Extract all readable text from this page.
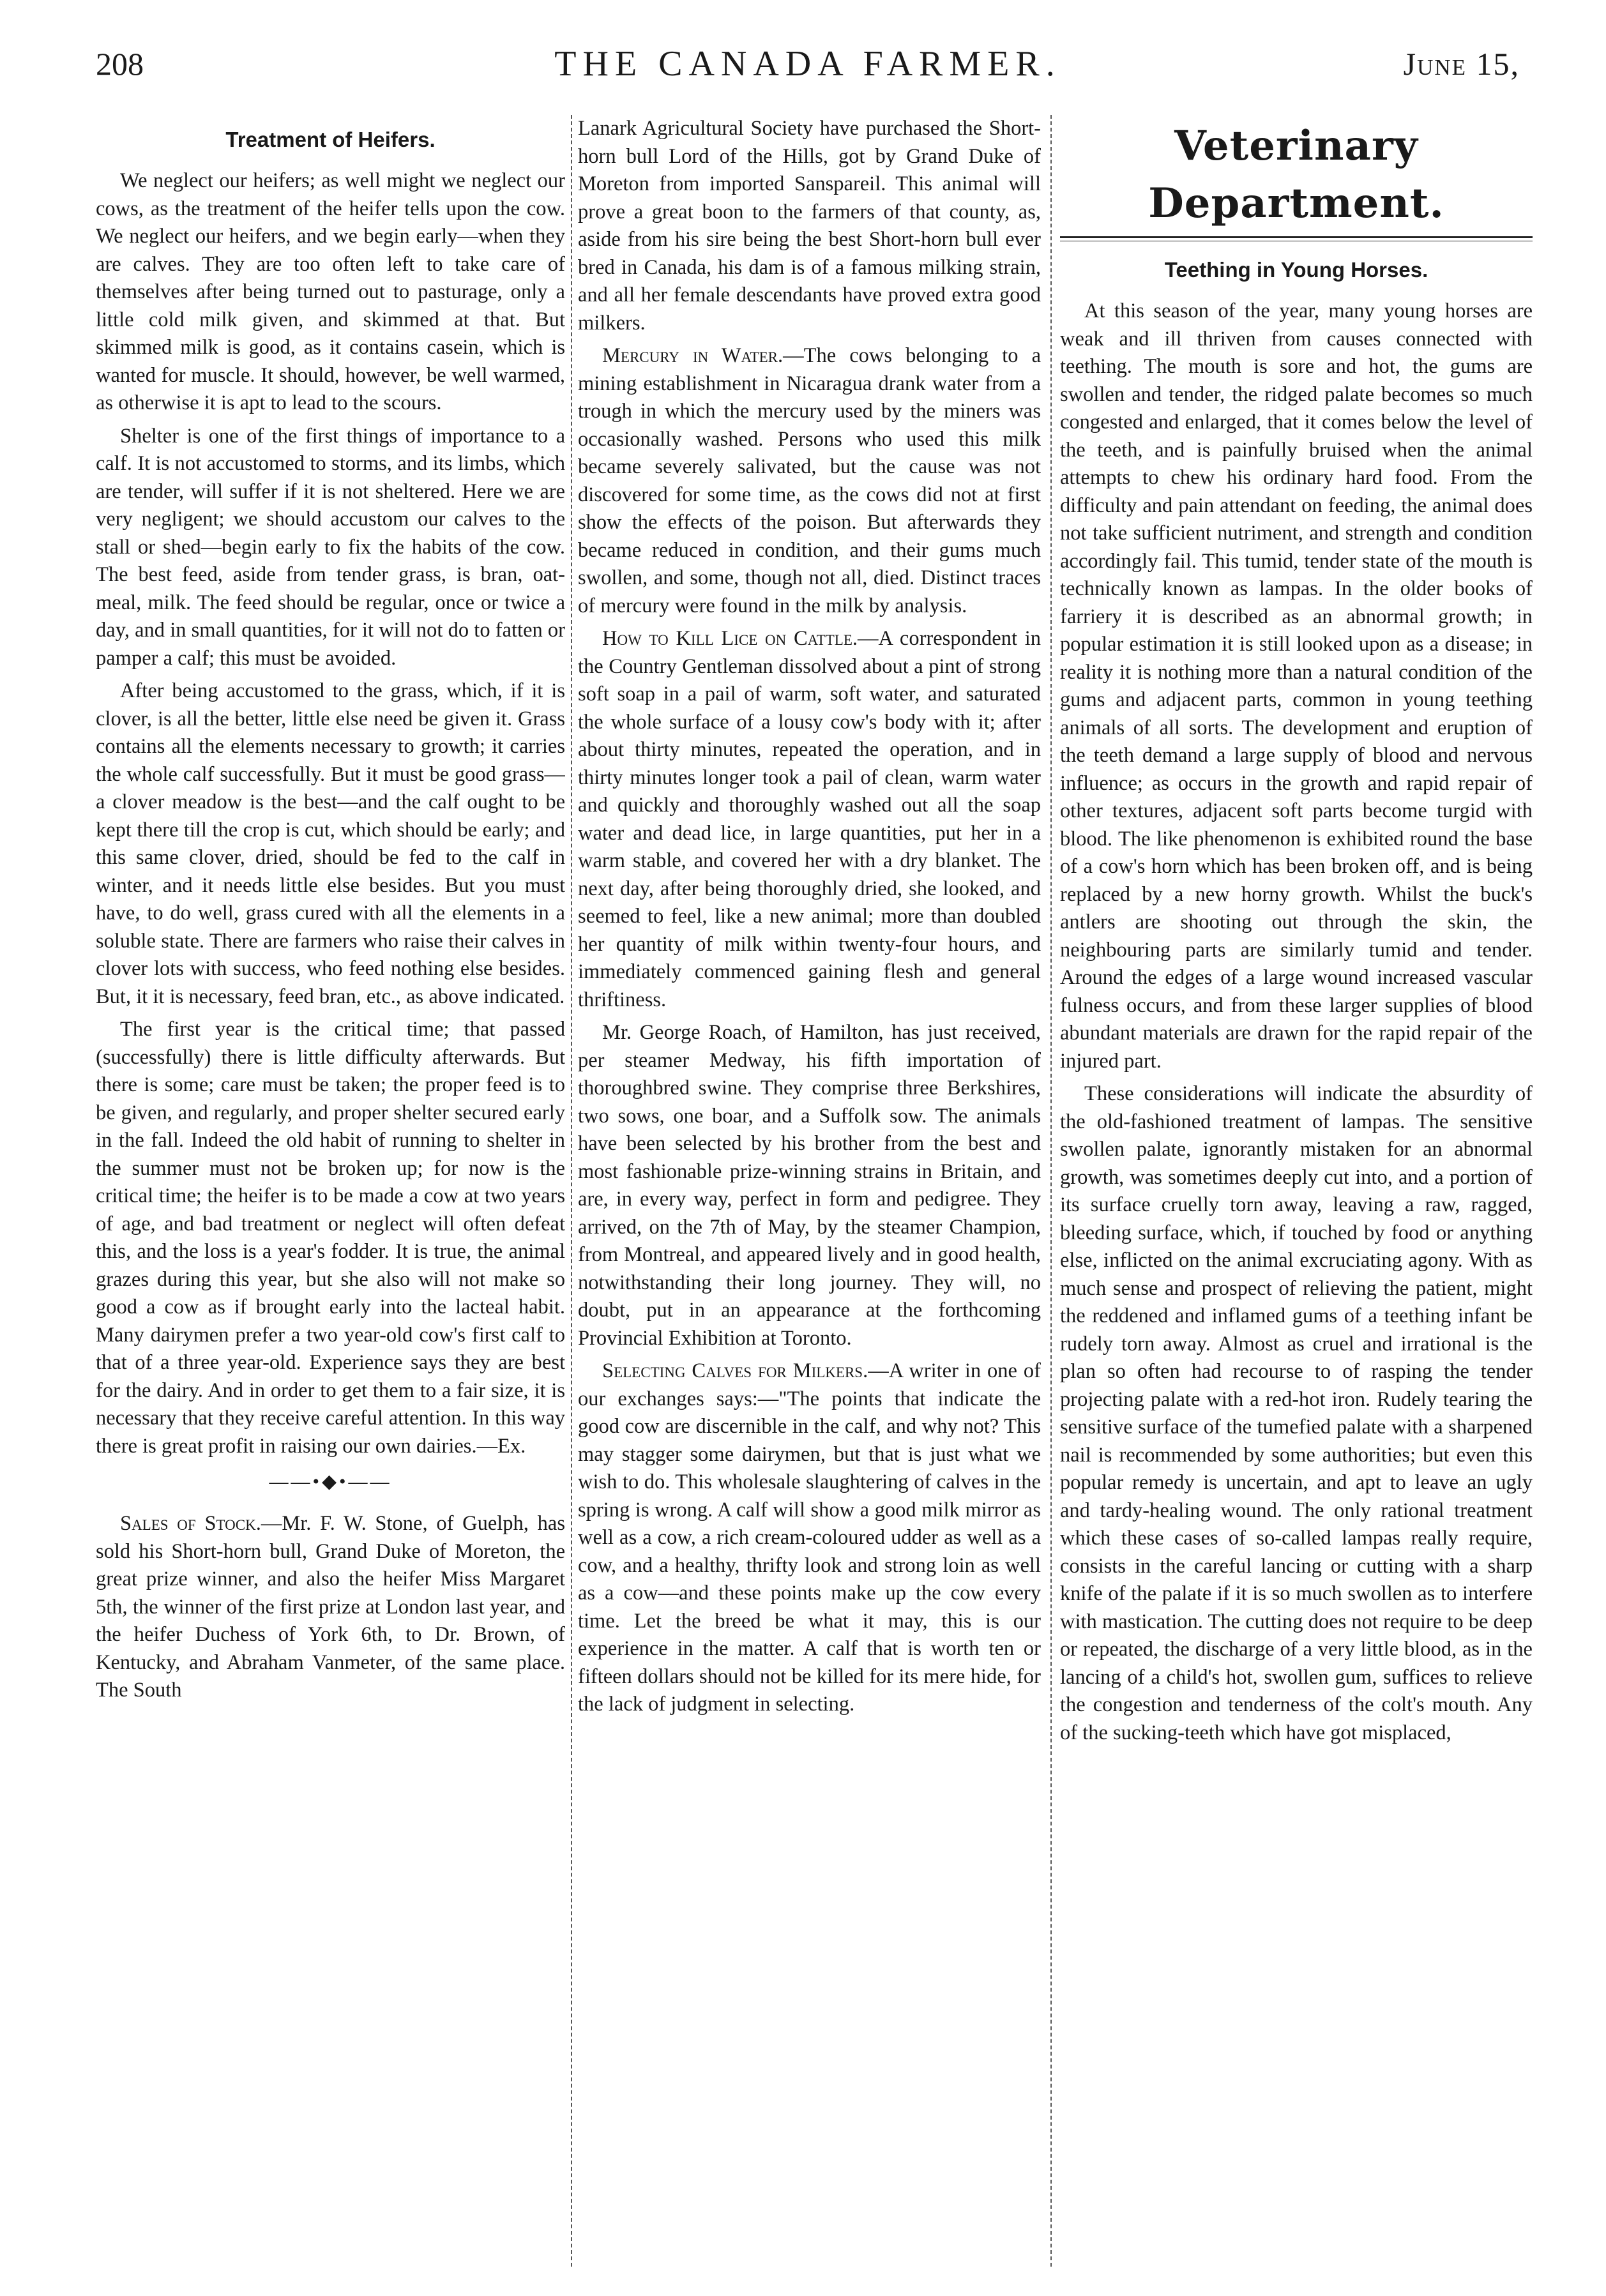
208	THE CANADA FARMER.	June 15,
Treatment of Heifers.

We neglect our heifers; as well might we neglect our cows, as the treatment of the heifer tells upon the cow. We neglect our heifers, and we begin early—when they are calves. They are too often left to take care of themselves after being turned out to pasturage, only a little cold milk given, and skimmed at that. But skimmed milk is good, as it contains casein, which is wanted for muscle. It should, however, be well warmed, as otherwise it is apt to lead to the scours.

Shelter is one of the first things of importance to a calf. It is not accustomed to storms, and its limbs, which are tender, will suffer if it is not sheltered. Here we are very negligent; we should accustom our calves to the stall or shed—begin early to fix the habits of the cow. The best feed, aside from tender grass, is bran, oat-meal, milk. The feed should be regular, once or twice a day, and in small quantities, for it will not do to fatten or pamper a calf; this must be avoided.

After being accustomed to the grass, which, if it is clover, is all the better, little else need be given it. Grass contains all the elements necessary to growth; it carries the whole calf successfully. But it must be good grass—a clover meadow is the best—and the calf ought to be kept there till the crop is cut, which should be early; and this same clover, dried, should be fed to the calf in winter, and it needs little else besides. But you must have, to do well, grass cured with all the elements in a soluble state. There are farmers who raise their calves in clover lots with success, who feed nothing else besides. But, it it is necessary, feed bran, etc., as above indicated.

The first year is the critical time; that passed (successfully) there is little difficulty afterwards. But there is some; care must be taken; the proper feed is to be given, and regularly, and proper shelter secured early in the fall. Indeed the old habit of running to shelter in the summer must not be broken up; for now is the critical time; the heifer is to be made a cow at two years of age, and bad treatment or neglect will often defeat this, and the loss is a year's fodder. It is true, the animal grazes during this year, but she also will not make so good a cow as if brought early into the lacteal habit. Many dairymen prefer a two year-old cow's first calf to that of a three year-old. Experience says they are best for the dairy. And in order to get them to a fair size, it is necessary that they receive careful attention. In this way there is great profit in raising our own dairies.—Ex.

——•◆•——

Sales of Stock.—Mr. F. W. Stone, of Guelph, has sold his Short-horn bull, Grand Duke of Moreton, the great prize winner, and also the heifer Miss Margaret 5th, the winner of the first prize at London last year, and the heifer Duchess of York 6th, to Dr. Brown, of Kentucky, and Abraham Vanmeter, of the same place. The South

Lanark Agricultural Society have purchased the Short-horn bull Lord of the Hills, got by Grand Duke of Moreton from imported Sanspareil. This animal will prove a great boon to the farmers of that county, as, aside from his sire being the best Short-horn bull ever bred in Canada, his dam is of a famous milking strain, and all her female descendants have proved extra good milkers.

Mercury in Water.—The cows belonging to a mining establishment in Nicaragua drank water from a trough in which the mercury used by the miners was occasionally washed. Persons who used this milk became severely salivated, but the cause was not discovered for some time, as the cows did not at first show the effects of the poison. But afterwards they became reduced in condition, and their gums much swollen, and some, though not all, died. Distinct traces of mercury were found in the milk by analysis.

How to Kill Lice on Cattle.—A correspondent in the Country Gentleman dissolved about a pint of strong soft soap in a pail of warm, soft water, and saturated the whole surface of a lousy cow's body with it; after about thirty minutes, repeated the operation, and in thirty minutes longer took a pail of clean, warm water and quickly and thoroughly washed out all the soap water and dead lice, in large quantities, put her in a warm stable, and covered her with a dry blanket. The next day, after being thoroughly dried, she looked, and seemed to feel, like a new animal; more than doubled her quantity of milk within twenty-four hours, and immediately commenced gaining flesh and general thriftiness.

Mr. George Roach, of Hamilton, has just received, per steamer Medway, his fifth importation of thoroughbred swine. They comprise three Berkshires, two sows, one boar, and a Suffolk sow. The animals have been selected by his brother from the best and most fashionable prize-winning strains in Britain, and are, in every way, perfect in form and pedigree. They arrived, on the 7th of May, by the steamer Champion, from Montreal, and appeared lively and in good health, notwithstanding their long journey. They will, no doubt, put in an appearance at the forthcoming Provincial Exhibition at Toronto.

Selecting Calves for Milkers.—A writer in one of our exchanges says:—"The points that indicate the good cow are discernible in the calf, and why not? This may stagger some dairymen, but that is just what we wish to do. This wholesale slaughtering of calves in the spring is wrong. A calf will show a good milk mirror as well as a cow, a rich cream-coloured udder as well as a cow, and a healthy, thrifty look and strong loin as well as a cow—and these points make up the cow every time. Let the breed be what it may, this is our experience in the matter. A calf that is worth ten or fifteen dollars should not be killed for its mere hide, for the lack of judgment in selecting.

Veterinary Department.
Teething in Young Horses.

At this season of the year, many young horses are weak and ill thriven from causes connected with teething. The mouth is sore and hot, the gums are swollen and tender, the ridged palate becomes so much congested and enlarged, that it comes below the level of the teeth, and is painfully bruised when the animal attempts to chew his ordinary hard food. From the difficulty and pain attendant on feeding, the animal does not take sufficient nutriment, and strength and condition accordingly fail. This tumid, tender state of the mouth is technically known as lampas. In the older books of farriery it is described as an abnormal growth; in popular estimation it is still looked upon as a disease; in reality it is nothing more than a natural condition of the gums and adjacent parts, common in young teething animals of all sorts. The development and eruption of the teeth demand a large supply of blood and nervous influence; as occurs in the growth and rapid repair of other textures, adjacent soft parts become turgid with blood. The like phenomenon is exhibited round the base of a cow's horn which has been broken off, and is being replaced by a new horny growth. Whilst the buck's antlers are shooting out through the skin, the neighbouring parts are similarly tumid and tender. Around the edges of a large wound increased vascular fulness occurs, and from these larger supplies of blood abundant materials are drawn for the rapid repair of the injured part.

These considerations will indicate the absurdity of the old-fashioned treatment of lampas. The sensitive swollen palate, ignorantly mistaken for an abnormal growth, was sometimes deeply cut into, and a portion of its surface cruelly torn away, leaving a raw, ragged, bleeding surface, which, if touched by food or anything else, inflicted on the animal excruciating agony. With as much sense and prospect of relieving the patient, might the reddened and inflamed gums of a teething infant be rudely torn away. Almost as cruel and irrational is the plan so often had recourse to of rasping the tender projecting palate with a red-hot iron. Rudely tearing the sensitive surface of the tumefied palate with a sharpened nail is recommended by some authorities; but even this popular remedy is uncertain, and apt to leave an ugly and tardy-healing wound. The only rational treatment which these cases of so-called lampas really require, consists in the careful lancing or cutting with a sharp knife of the palate if it is so much swollen as to interfere with mastication. The cutting does not require to be deep or repeated, the discharge of a very little blood, as in the lancing of a child's hot, swollen gum, suffices to relieve the congestion and tenderness of the colt's mouth. Any of the sucking-teeth which have got misplaced,
